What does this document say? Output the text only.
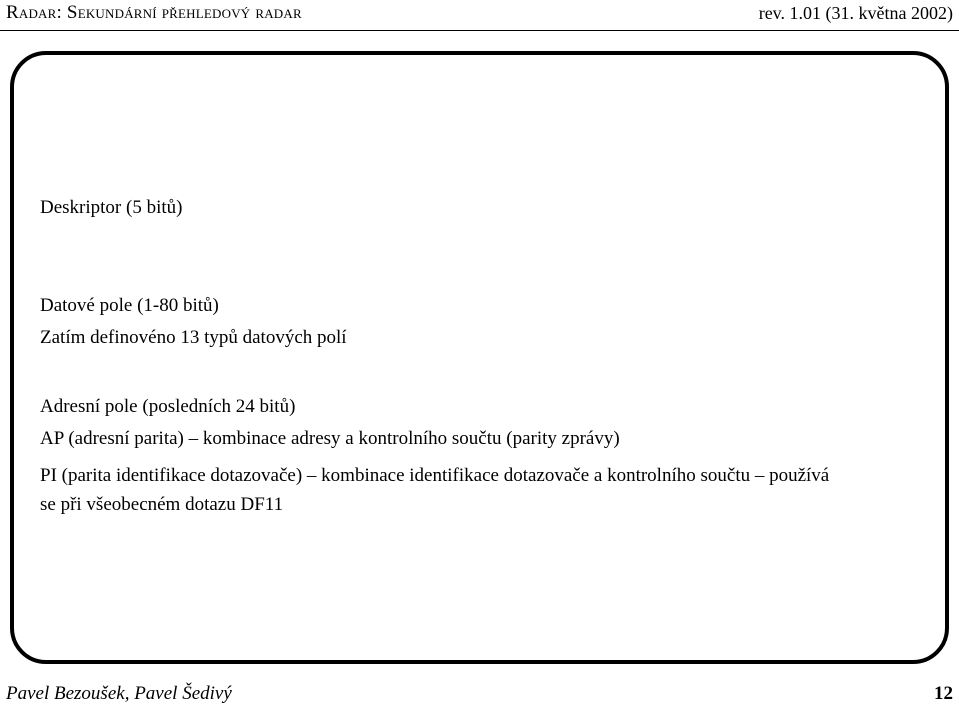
Radar: Sekundární přehledový radar	rev. 1.01 (31. května 2002)
Deskriptor (5 bitů)
Datové pole (1-80 bitů)
Zatím definovéno 13 typů datových polí
Adresní pole (posledních 24 bitů)
AP (adresní parita) – kombinace adresy a kontrolního součtu (parity zprávy)
PI (parita identifikace dotazovače) – kombinace identifikace dotazovače a kontrolního součtu – používá
se při všeobecném dotazu DF11
Pavel Bezoušek, Pavel Šedivý	12
